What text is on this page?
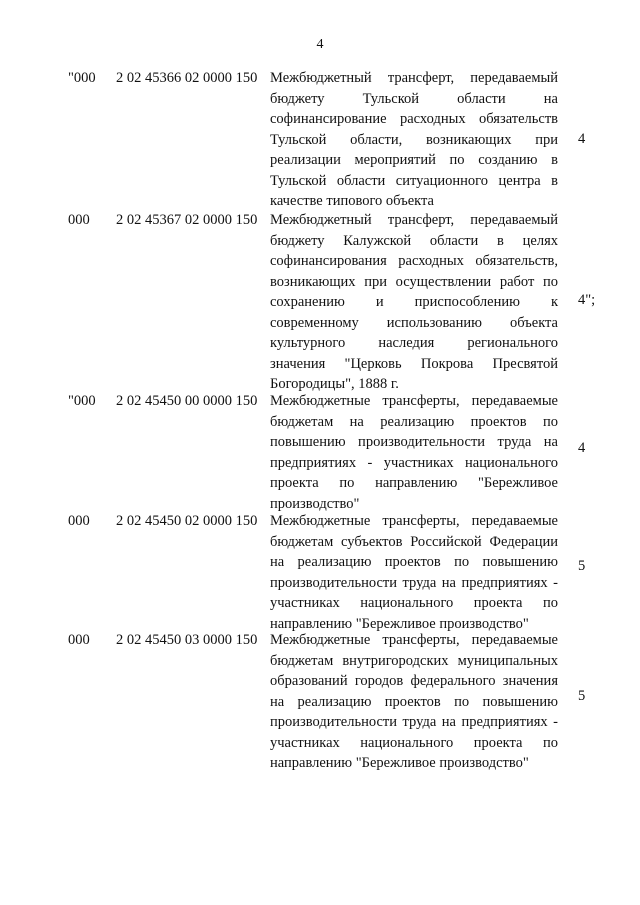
4
"000 2 02 45366 02 0000 150 Межбюджетный трансферт, передаваемый
бюджету Тульской области на
софинансирование расходных обязательств
Тульской области, возникающих при
реализации мероприятий по созданию в
Тульской области ситуационного центра в
качестве типового объекта
4
000 2 02 45367 02 0000 150 Межбюджетный трансферт, передаваемый
бюджету Калужской области в целях
софинансирования расходных обязательств,
возникающих при осуществлении работ по
сохранению и приспособлению к
современному использованию объекта
культурного наследия регионального
значения "Церковь Покрова Пресвятой
Богородицы", 1888 г.
4";
"000 2 02 45450 00 0000 150 Межбюджетные трансферты, передаваемые
бюджетам на реализацию проектов по
повышению производительности труда на
предприятиях - участниках национального
проекта по направлению "Бережливое
производство"
4
000 2 02 45450 02 0000 150 Межбюджетные трансферты, передаваемые
бюджетам субъектов Российской Федерации
на реализацию проектов по повышению
производительности труда на предприятиях -
участниках национального проекта по
направлению "Бережливое производство"
5
000 2 02 45450 03 0000 150 Межбюджетные трансферты, передаваемые
бюджетам внутригородских муниципальных
образований городов федерального значения
на реализацию проектов по повышению
производительности труда на предприятиях -
участниках национального проекта по
направлению "Бережливое производство"
5
